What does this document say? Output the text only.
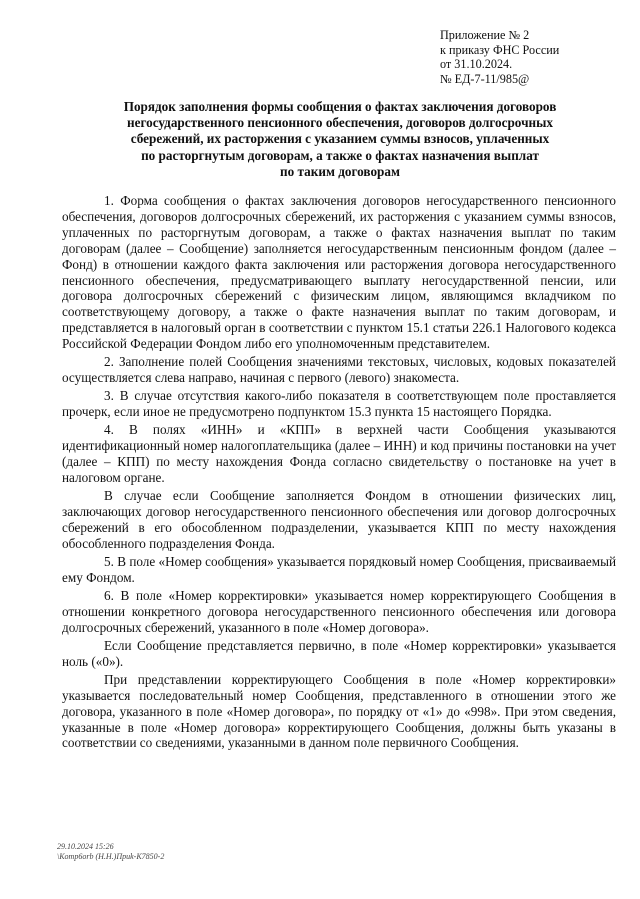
Приложение № 2
к приказу ФНС России
от 31.10.2024.
№ ЕД-7-11/985@
Порядок заполнения формы сообщения о фактах заключения договоров
негосударственного пенсионного обеспечения, договоров долгосрочных
сбережений, их расторжения с указанием суммы взносов, уплаченных
по расторгнутым договорам, а также о фактах назначения выплат
по таким договорам

1. Форма сообщения о фактах заключения договоров негосударственного пенсионного обеспечения, договоров долгосрочных сбережений, их расторжения с указанием суммы взносов, уплаченных по расторгнутым договорам, а также о фактах назначения выплат по таким договорам (далее – Сообщение) заполняется негосударственным пенсионным фондом (далее – Фонд) в отношении каждого факта заключения или расторжения договора негосударственного пенсионного обеспечения, предусматривающего выплату негосударственной пенсии, или договора долгосрочных сбережений с физическим лицом, являющимся вкладчиком по соответствующему договору, а также о факте назначения выплат по таким договорам, и представляется в налоговый орган в соответствии с пунктом 15.1 статьи 226.1 Налогового кодекса Российской Федерации Фондом либо его уполномоченным представителем.

2. Заполнение полей Сообщения значениями текстовых, числовых, кодовых показателей осуществляется слева направо, начиная с первого (левого) знакоместа.

3. В случае отсутствия какого-либо показателя в соответствующем поле проставляется прочерк, если иное не предусмотрено подпунктом 15.3 пункта 15 настоящего Порядка.

4. В полях «ИНН» и «КПП» в верхней части Сообщения указываются идентификационный номер налогоплательщика (далее – ИНН) и код причины постановки на учет (далее – КПП) по месту нахождения Фонда согласно свидетельству о постановке на учет в налоговом органе.

В случае если Сообщение заполняется Фондом в отношении физических лиц, заключающих договор негосударственного пенсионного обеспечения или договор долгосрочных сбережений в его обособленном подразделении, указывается КПП по месту нахождения обособленного подразделения Фонда.

5. В поле «Номер сообщения» указывается порядковый номер Сообщения, присваиваемый ему Фондом.

6. В поле «Номер корректировки» указывается номер корректирующего Сообщения в отношении конкретного договора негосударственного пенсионного обеспечения или договора долгосрочных сбережений, указанного в поле «Номер договора».

Если Сообщение представляется первично, в поле «Номер корректировки» указывается ноль («0»).

При представлении корректирующего Сообщения в поле «Номер корректировки» указывается последовательный номер Сообщения, представленного в отношении этого же договора, указанного в поле «Номер договора», по порядку от «1» до «998». При этом сведения, указанные в поле «Номер договора» корректирующего Сообщения, должны быть указаны в соответствии со сведениями, указанными в данном поле первичного Сообщения.

29.10.2024 15:26
\Komp6orb (H.H.)Пpuk-K7850-2
